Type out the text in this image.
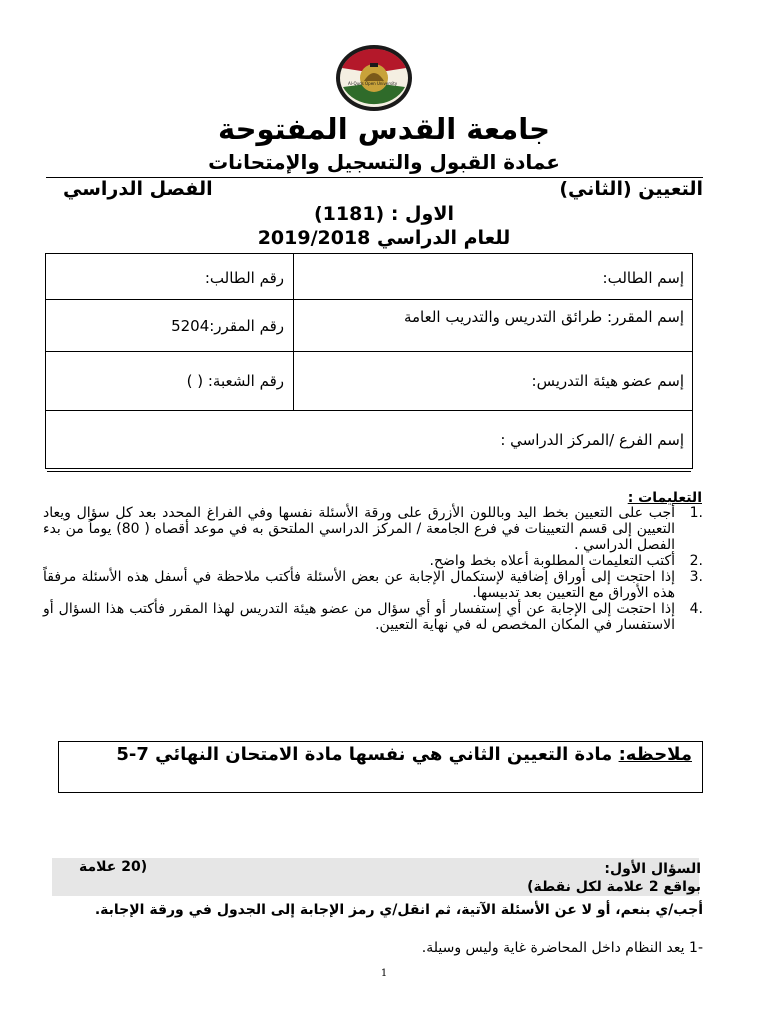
Al-Quds Open University
جامعة القدس المفتوحة
عمادة القبول والتسجيل والإمتحانات
التعيين (الثاني)
الفصل الدراسي
الاول : (1181)
للعام الدراسي 2019/2018
إسم الطالب:
رقم الطالب:
إسم المقرر: طرائق التدريس والتدريب العامة
رقم المقرر:5204
إسم عضو هيئة التدريس:
رقم الشعبة: ( )
إسم الفرع /المركز الدراسي :
التعليمات :
.1
أجب على التعيين بخط اليد وباللون الأزرق على ورقة الأسئلة نفسها وفي الفراغ المحدد بعد كل سؤال ويعاد التعيين إلى قسم التعيينات في فرع الجامعة / المركز الدراسي الملتحق به في موعد أقصاه ( 80) يوماً من بدء الفصل الدراسي .
.2
أكتب التعليمات المطلوبة أعلاه بخط واضح.
.3
إذا احتجت إلى أوراق إضافية لإستكمال الإجابة عن بعض الأسئلة فأكتب ملاحظة في أسفل هذه الأسئلة مرفقاً هذه الأوراق مع التعيين بعد تدبيسها.
.4
إذا احتجت إلى الإجابة عن أي إستفسار أو أي سؤال من عضو هيئة التدريس لهذا المقرر فأكتب هذا السؤال أو الاستفسار في المكان المخصص له في نهاية التعيين.
ملاحظه: مادة التعيين الثاني هي نفسها مادة الامتحان النهائي 7-5
السؤال الأول:
(20 علامة
بواقع 2 علامة لكل نقطة)
أجب/ي بنعم، أو لا عن الأسئلة الآتية، ثم انقل/ي رمز الإجابة إلى الجدول في ورقة الإجابة.
-1 يعد النظام داخل المحاضرة غاية وليس وسيلة.
1
